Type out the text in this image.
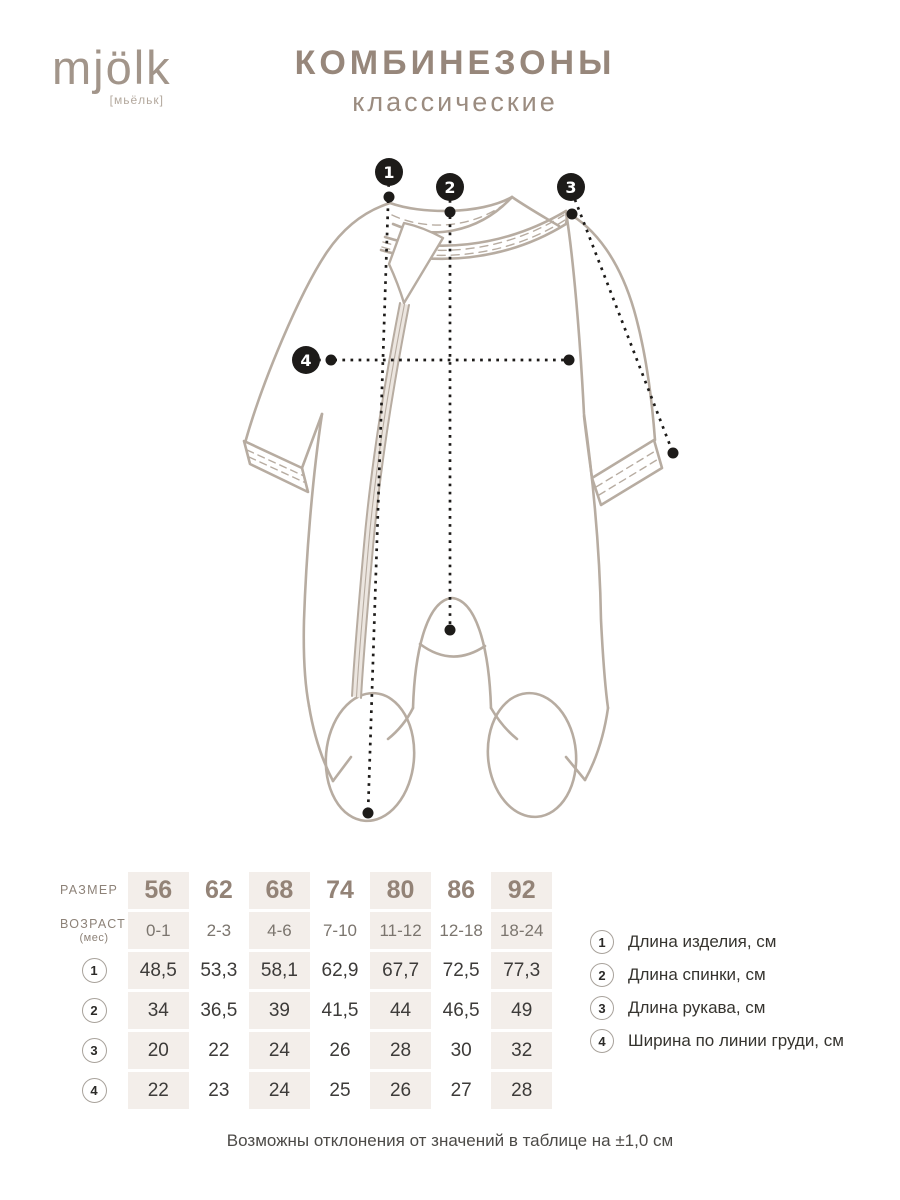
mjölk
[мьёльк]
КОМБИНЕЗОНЫ
классические
1
2	3
4
РАЗМЕР	56	62	68	74	80	86	92
ВОЗРАСТ
(мес)	0-1	2-3	4-6	7-10	11-12	12-18	18-24
1	48,5	53,3	58,1	62,9	67,7	72,5	77,3
2	34	36,5	39	41,5	44	46,5	49
3	20	22	24	26	28	30	32
4	22	23	24	25	26	27	28
1	Длина изделия, см
2	Длина спинки, см
3	Длина рукава, см
4	Ширина по линии груди, см
Возможны отклонения от значений в таблице на ±1,0 см
